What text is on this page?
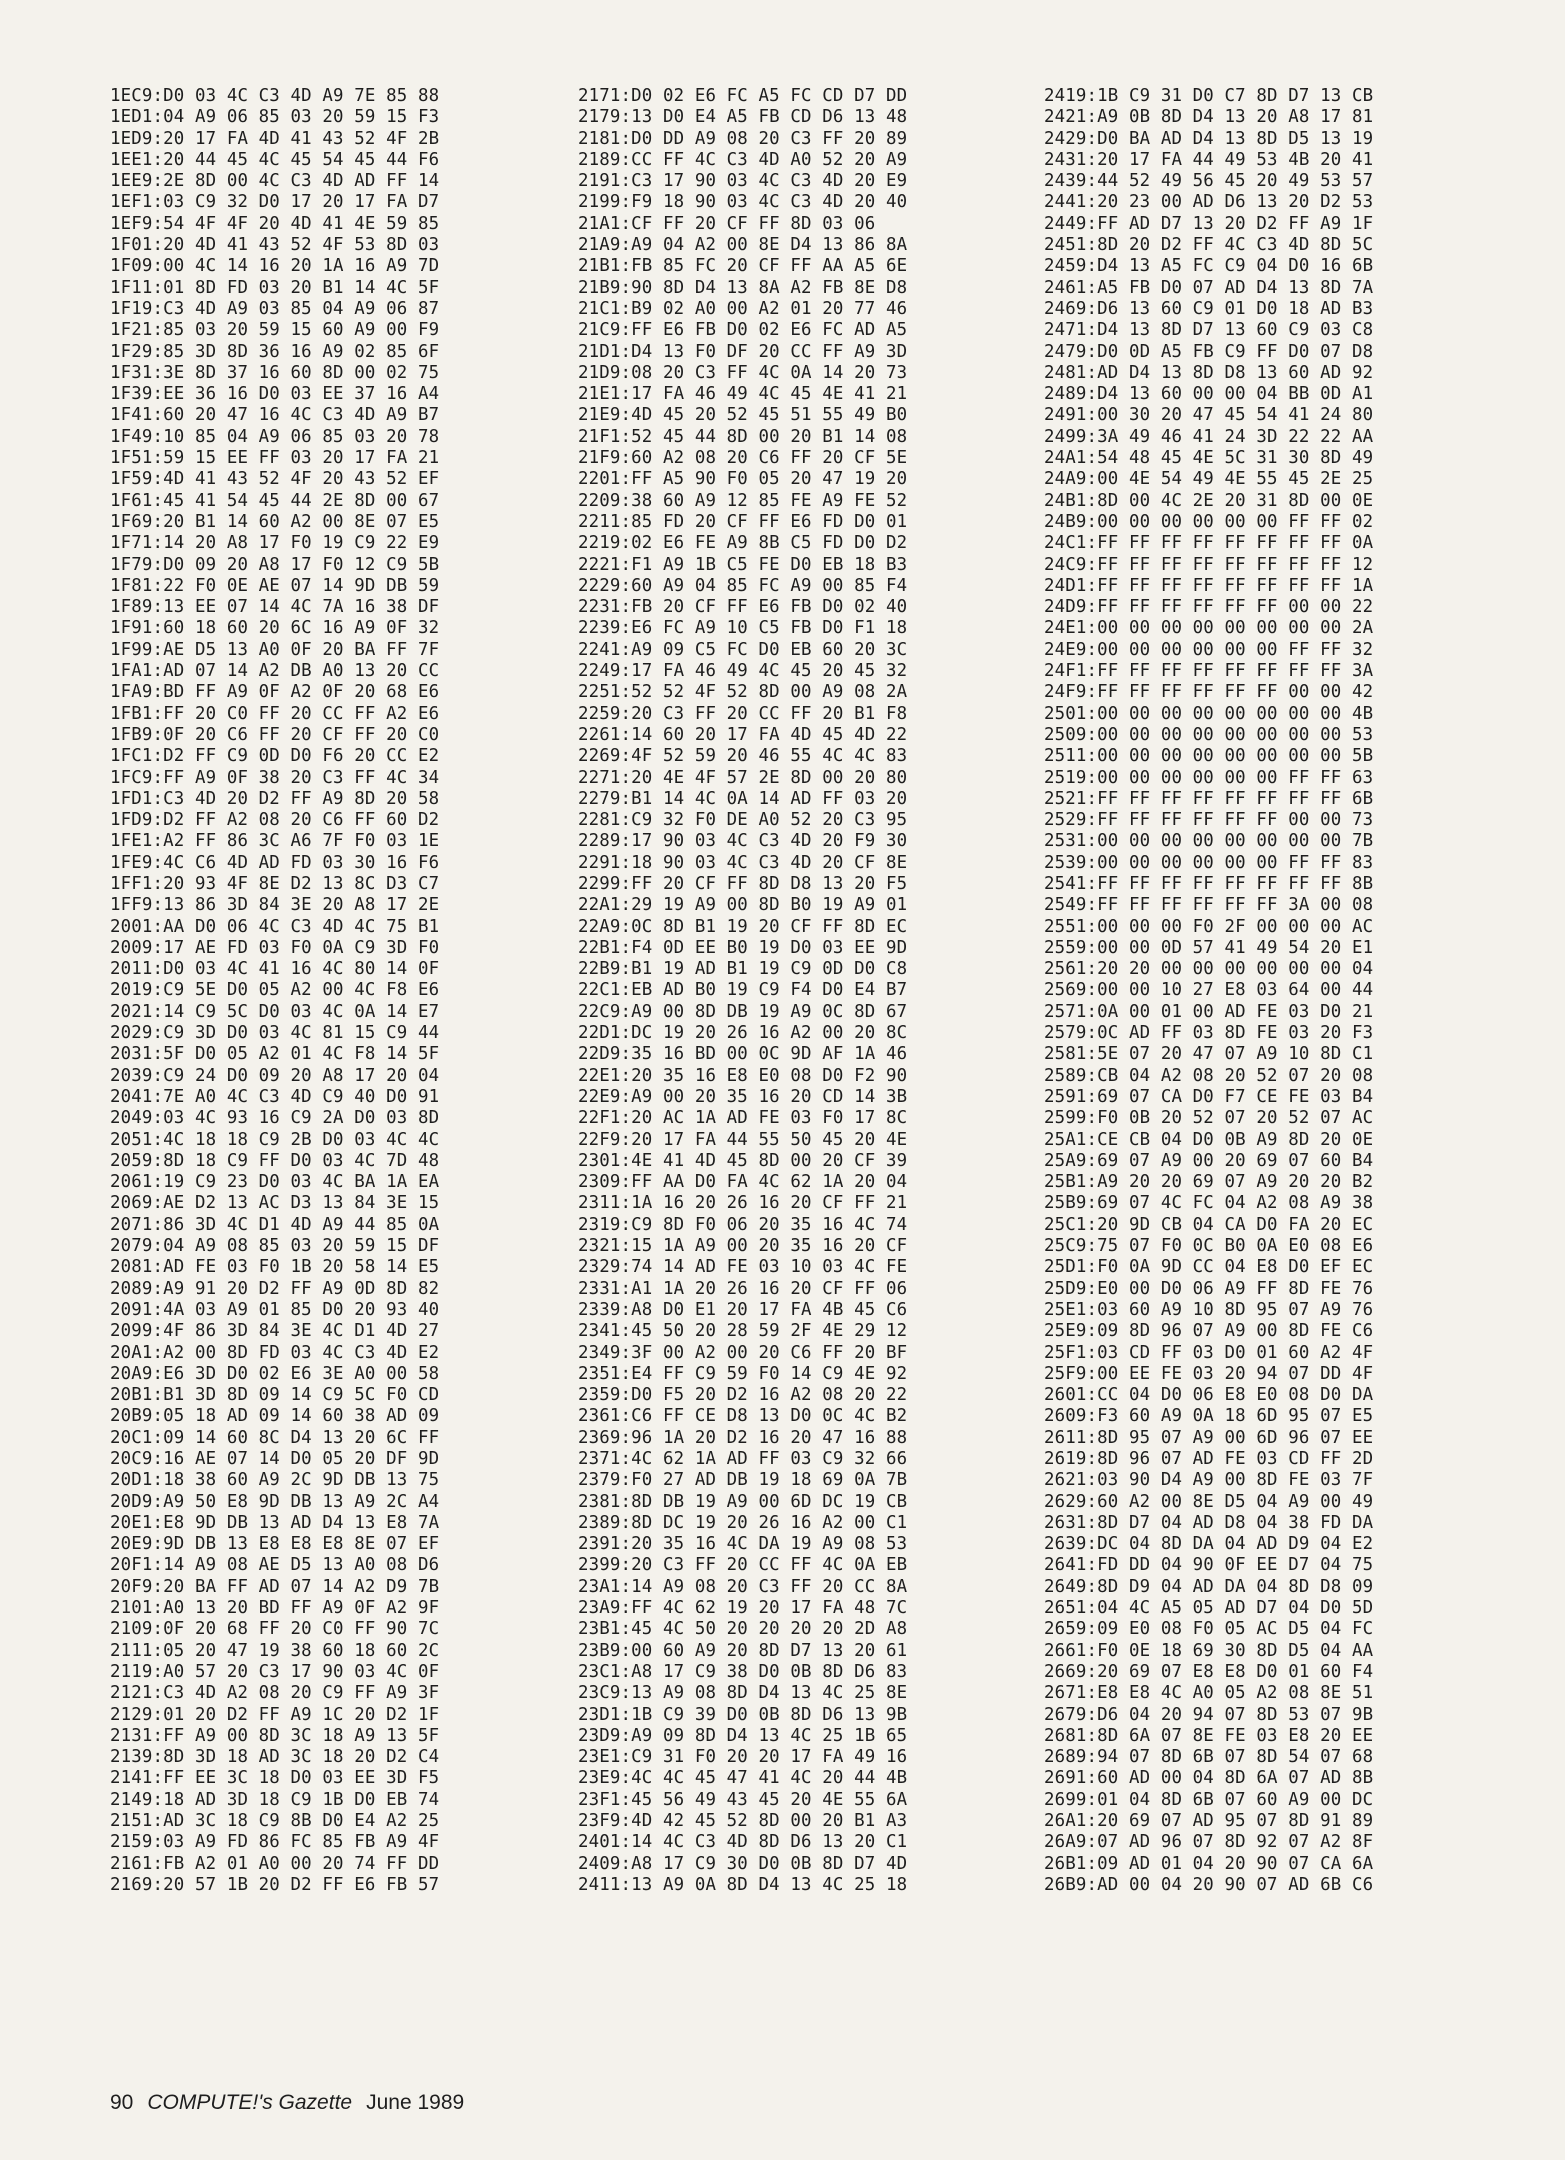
1EC9:D0 03 4C C3 4D A9 7E 85 88
1ED1:04 A9 06 85 03 20 59 15 F3
1ED9:20 17 FA 4D 41 43 52 4F 2B
1EE1:20 44 45 4C 45 54 45 44 F6
1EE9:2E 8D 00 4C C3 4D AD FF 14
1EF1:03 C9 32 D0 17 20 17 FA D7
1EF9:54 4F 4F 20 4D 41 4E 59 85
1F01:20 4D 41 43 52 4F 53 8D 03
1F09:00 4C 14 16 20 1A 16 A9 7D
1F11:01 8D FD 03 20 B1 14 4C 5F
1F19:C3 4D A9 03 85 04 A9 06 87
1F21:85 03 20 59 15 60 A9 00 F9
1F29:85 3D 8D 36 16 A9 02 85 6F
1F31:3E 8D 37 16 60 8D 00 02 75
1F39:EE 36 16 D0 03 EE 37 16 A4
1F41:60 20 47 16 4C C3 4D A9 B7
1F49:10 85 04 A9 06 85 03 20 78
1F51:59 15 EE FF 03 20 17 FA 21
1F59:4D 41 43 52 4F 20 43 52 EF
1F61:45 41 54 45 44 2E 8D 00 67
1F69:20 B1 14 60 A2 00 8E 07 E5
1F71:14 20 A8 17 F0 19 C9 22 E9
1F79:D0 09 20 A8 17 F0 12 C9 5B
1F81:22 F0 0E AE 07 14 9D DB 59
1F89:13 EE 07 14 4C 7A 16 38 DF
1F91:60 18 60 20 6C 16 A9 0F 32
1F99:AE D5 13 A0 0F 20 BA FF 7F
1FA1:AD 07 14 A2 DB A0 13 20 CC
1FA9:BD FF A9 0F A2 0F 20 68 E6
1FB1:FF 20 C0 FF 20 CC FF A2 E6
1FB9:0F 20 C6 FF 20 CF FF 20 C0
1FC1:D2 FF C9 0D D0 F6 20 CC E2
1FC9:FF A9 0F 38 20 C3 FF 4C 34
1FD1:C3 4D 20 D2 FF A9 8D 20 58
1FD9:D2 FF A2 08 20 C6 FF 60 D2
1FE1:A2 FF 86 3C A6 7F F0 03 1E
1FE9:4C C6 4D AD FD 03 30 16 F6
1FF1:20 93 4F 8E D2 13 8C D3 C7
1FF9:13 86 3D 84 3E 20 A8 17 2E
2001:AA D0 06 4C C3 4D 4C 75 B1
2009:17 AE FD 03 F0 0A C9 3D F0
2011:D0 03 4C 41 16 4C 80 14 0F
2019:C9 5E D0 05 A2 00 4C F8 E6
2021:14 C9 5C D0 03 4C 0A 14 E7
2029:C9 3D D0 03 4C 81 15 C9 44
2031:5F D0 05 A2 01 4C F8 14 5F
2039:C9 24 D0 09 20 A8 17 20 04
2041:7E A0 4C C3 4D C9 40 D0 91
2049:03 4C 93 16 C9 2A D0 03 8D
2051:4C 18 18 C9 2B D0 03 4C 4C
2059:8D 18 C9 FF D0 03 4C 7D 48
2061:19 C9 23 D0 03 4C BA 1A EA
2069:AE D2 13 AC D3 13 84 3E 15
2071:86 3D 4C D1 4D A9 44 85 0A
2079:04 A9 08 85 03 20 59 15 DF
2081:AD FE 03 F0 1B 20 58 14 E5
2089:A9 91 20 D2 FF A9 0D 8D 82
2091:4A 03 A9 01 85 D0 20 93 40
2099:4F 86 3D 84 3E 4C D1 4D 27
20A1:A2 00 8D FD 03 4C C3 4D E2
20A9:E6 3D D0 02 E6 3E A0 00 58
20B1:B1 3D 8D 09 14 C9 5C F0 CD
20B9:05 18 AD 09 14 60 38 AD 09
20C1:09 14 60 8C D4 13 20 6C FF
20C9:16 AE 07 14 D0 05 20 DF 9D
20D1:18 38 60 A9 2C 9D DB 13 75
20D9:A9 50 E8 9D DB 13 A9 2C A4
20E1:E8 9D DB 13 AD D4 13 E8 7A
20E9:9D DB 13 E8 E8 E8 8E 07 EF
20F1:14 A9 08 AE D5 13 A0 08 D6
20F9:20 BA FF AD 07 14 A2 D9 7B
2101:A0 13 20 BD FF A9 0F A2 9F
2109:0F 20 68 FF 20 C0 FF 90 7C
2111:05 20 47 19 38 60 18 60 2C
2119:A0 57 20 C3 17 90 03 4C 0F
2121:C3 4D A2 08 20 C9 FF A9 3F
2129:01 20 D2 FF A9 1C 20 D2 1F
2131:FF A9 00 8D 3C 18 A9 13 5F
2139:8D 3D 18 AD 3C 18 20 D2 C4
2141:FF EE 3C 18 D0 03 EE 3D F5
2149:18 AD 3D 18 C9 1B D0 EB 74
2151:AD 3C 18 C9 8B D0 E4 A2 25
2159:03 A9 FD 86 FC 85 FB A9 4F
2161:FB A2 01 A0 00 20 74 FF DD
2169:20 57 1B 20 D2 FF E6 FB 57
2171:D0 02 E6 FC A5 FC CD D7 DD
2179:13 D0 E4 A5 FB CD D6 13 48
2181:D0 DD A9 08 20 C3 FF 20 89
2189:CC FF 4C C3 4D A0 52 20 A9
2191:C3 17 90 03 4C C3 4D 20 E9
2199:F9 18 90 03 4C C3 4D 20 40
21A1:CF FF 20 CF FF 8D 03 06
21A9:A9 04 A2 00 8E D4 13 86 8A
21B1:FB 85 FC 20 CF FF AA A5 6E
21B9:90 8D D4 13 8A A2 FB 8E D8
21C1:B9 02 A0 00 A2 01 20 77 46
21C9:FF E6 FB D0 02 E6 FC AD A5
21D1:D4 13 F0 DF 20 CC FF A9 3D
21D9:08 20 C3 FF 4C 0A 14 20 73
21E1:17 FA 46 49 4C 45 4E 41 21
21E9:4D 45 20 52 45 51 55 49 B0
21F1:52 45 44 8D 00 20 B1 14 08
21F9:60 A2 08 20 C6 FF 20 CF 5E
2201:FF A5 90 F0 05 20 47 19 20
2209:38 60 A9 12 85 FE A9 FE 52
2211:85 FD 20 CF FF E6 FD D0 01
2219:02 E6 FE A9 8B C5 FD D0 D2
2221:F1 A9 1B C5 FE D0 EB 18 B3
2229:60 A9 04 85 FC A9 00 85 F4
2231:FB 20 CF FF E6 FB D0 02 40
2239:E6 FC A9 10 C5 FB D0 F1 18
2241:A9 09 C5 FC D0 EB 60 20 3C
2249:17 FA 46 49 4C 45 20 45 32
2251:52 52 4F 52 8D 00 A9 08 2A
2259:20 C3 FF 20 CC FF 20 B1 F8
2261:14 60 20 17 FA 4D 45 4D 22
2269:4F 52 59 20 46 55 4C 4C 83
2271:20 4E 4F 57 2E 8D 00 20 80
2279:B1 14 4C 0A 14 AD FF 03 20
2281:C9 32 F0 DE A0 52 20 C3 95
2289:17 90 03 4C C3 4D 20 F9 30
2291:18 90 03 4C C3 4D 20 CF 8E
2299:FF 20 CF FF 8D D8 13 20 F5
22A1:29 19 A9 00 8D B0 19 A9 01
22A9:0C 8D B1 19 20 CF FF 8D EC
22B1:F4 0D EE B0 19 D0 03 EE 9D
22B9:B1 19 AD B1 19 C9 0D D0 C8
22C1:EB AD B0 19 C9 F4 D0 E4 B7
22C9:A9 00 8D DB 19 A9 0C 8D 67
22D1:DC 19 20 26 16 A2 00 20 8C
22D9:35 16 BD 00 0C 9D AF 1A 46
22E1:20 35 16 E8 E0 08 D0 F2 90
22E9:A9 00 20 35 16 20 CD 14 3B
22F1:20 AC 1A AD FE 03 F0 17 8C
22F9:20 17 FA 44 55 50 45 20 4E
2301:4E 41 4D 45 8D 00 20 CF 39
2309:FF AA D0 FA 4C 62 1A 20 04
2311:1A 16 20 26 16 20 CF FF 21
2319:C9 8D F0 06 20 35 16 4C 74
2321:15 1A A9 00 20 35 16 20 CF
2329:74 14 AD FE 03 10 03 4C FE
2331:A1 1A 20 26 16 20 CF FF 06
2339:A8 D0 E1 20 17 FA 4B 45 C6
2341:45 50 20 28 59 2F 4E 29 12
2349:3F 00 A2 00 20 C6 FF 20 BF
2351:E4 FF C9 59 F0 14 C9 4E 92
2359:D0 F5 20 D2 16 A2 08 20 22
2361:C6 FF CE D8 13 D0 0C 4C B2
2369:96 1A 20 D2 16 20 47 16 88
2371:4C 62 1A AD FF 03 C9 32 66
2379:F0 27 AD DB 19 18 69 0A 7B
2381:8D DB 19 A9 00 6D DC 19 CB
2389:8D DC 19 20 26 16 A2 00 C1
2391:20 35 16 4C DA 19 A9 08 53
2399:20 C3 FF 20 CC FF 4C 0A EB
23A1:14 A9 08 20 C3 FF 20 CC 8A
23A9:FF 4C 62 19 20 17 FA 48 7C
23B1:45 4C 50 20 20 20 20 2D A8
23B9:00 60 A9 20 8D D7 13 20 61
23C1:A8 17 C9 38 D0 0B 8D D6 83
23C9:13 A9 08 8D D4 13 4C 25 8E
23D1:1B C9 39 D0 0B 8D D6 13 9B
23D9:A9 09 8D D4 13 4C 25 1B 65
23E1:C9 31 F0 20 20 17 FA 49 16
23E9:4C 4C 45 47 41 4C 20 44 4B
23F1:45 56 49 43 45 20 4E 55 6A
23F9:4D 42 45 52 8D 00 20 B1 A3
2401:14 4C C3 4D 8D D6 13 20 C1
2409:A8 17 C9 30 D0 0B 8D D7 4D
2411:13 A9 0A 8D D4 13 4C 25 18
2419:1B C9 31 D0 C7 8D D7 13 CB
2421:A9 0B 8D D4 13 20 A8 17 81
2429:D0 BA AD D4 13 8D D5 13 19
2431:20 17 FA 44 49 53 4B 20 41
2439:44 52 49 56 45 20 49 53 57
2441:20 23 00 AD D6 13 20 D2 53
2449:FF AD D7 13 20 D2 FF A9 1F
2451:8D 20 D2 FF 4C C3 4D 8D 5C
2459:D4 13 A5 FC C9 04 D0 16 6B
2461:A5 FB D0 07 AD D4 13 8D 7A
2469:D6 13 60 C9 01 D0 18 AD B3
2471:D4 13 8D D7 13 60 C9 03 C8
2479:D0 0D A5 FB C9 FF D0 07 D8
2481:AD D4 13 8D D8 13 60 AD 92
2489:D4 13 60 00 00 04 BB 0D A1
2491:00 30 20 47 45 54 41 24 80
2499:3A 49 46 41 24 3D 22 22 AA
24A1:54 48 45 4E 5C 31 30 8D 49
24A9:00 4E 54 49 4E 55 45 2E 25
24B1:8D 00 4C 2E 20 31 8D 00 0E
24B9:00 00 00 00 00 00 FF FF 02
24C1:FF FF FF FF FF FF FF FF 0A
24C9:FF FF FF FF FF FF FF FF 12
24D1:FF FF FF FF FF FF FF FF 1A
24D9:FF FF FF FF FF FF 00 00 22
24E1:00 00 00 00 00 00 00 00 2A
24E9:00 00 00 00 00 00 FF FF 32
24F1:FF FF FF FF FF FF FF FF 3A
24F9:FF FF FF FF FF FF 00 00 42
2501:00 00 00 00 00 00 00 00 4B
2509:00 00 00 00 00 00 00 00 53
2511:00 00 00 00 00 00 00 00 5B
2519:00 00 00 00 00 00 FF FF 63
2521:FF FF FF FF FF FF FF FF 6B
2529:FF FF FF FF FF FF 00 00 73
2531:00 00 00 00 00 00 00 00 7B
2539:00 00 00 00 00 00 FF FF 83
2541:FF FF FF FF FF FF FF FF 8B
2549:FF FF FF FF FF FF 3A 00 08
2551:00 00 00 F0 2F 00 00 00 AC
2559:00 00 0D 57 41 49 54 20 E1
2561:20 20 00 00 00 00 00 00 04
2569:00 00 10 27 E8 03 64 00 44
2571:0A 00 01 00 AD FE 03 D0 21
2579:0C AD FF 03 8D FE 03 20 F3
2581:5E 07 20 47 07 A9 10 8D C1
2589:CB 04 A2 08 20 52 07 20 08
2591:69 07 CA D0 F7 CE FE 03 B4
2599:F0 0B 20 52 07 20 52 07 AC
25A1:CE CB 04 D0 0B A9 8D 20 0E
25A9:69 07 A9 00 20 69 07 60 B4
25B1:A9 20 20 69 07 A9 20 20 B2
25B9:69 07 4C FC 04 A2 08 A9 38
25C1:20 9D CB 04 CA D0 FA 20 EC
25C9:75 07 F0 0C B0 0A E0 08 E6
25D1:F0 0A 9D CC 04 E8 D0 EF EC
25D9:E0 00 D0 06 A9 FF 8D FE 76
25E1:03 60 A9 10 8D 95 07 A9 76
25E9:09 8D 96 07 A9 00 8D FE C6
25F1:03 CD FF 03 D0 01 60 A2 4F
25F9:00 EE FE 03 20 94 07 DD 4F
2601:CC 04 D0 06 E8 E0 08 D0 DA
2609:F3 60 A9 0A 18 6D 95 07 E5
2611:8D 95 07 A9 00 6D 96 07 EE
2619:8D 96 07 AD FE 03 CD FF 2D
2621:03 90 D4 A9 00 8D FE 03 7F
2629:60 A2 00 8E D5 04 A9 00 49
2631:8D D7 04 AD D8 04 38 FD DA
2639:DC 04 8D DA 04 AD D9 04 E2
2641:FD DD 04 90 0F EE D7 04 75
2649:8D D9 04 AD DA 04 8D D8 09
2651:04 4C A5 05 AD D7 04 D0 5D
2659:09 E0 08 F0 05 AC D5 04 FC
2661:F0 0E 18 69 30 8D D5 04 AA
2669:20 69 07 E8 E8 D0 01 60 F4
2671:E8 E8 4C A0 05 A2 08 8E 51
2679:D6 04 20 94 07 8D 53 07 9B
2681:8D 6A 07 8E FE 03 E8 20 EE
2689:94 07 8D 6B 07 8D 54 07 68
2691:60 AD 00 04 8D 6A 07 AD 8B
2699:01 04 8D 6B 07 60 A9 00 DC
26A1:20 69 07 AD 95 07 8D 91 89
26A9:07 AD 96 07 8D 92 07 A2 8F
26B1:09 AD 01 04 20 90 07 CA 6A
26B9:AD 00 04 20 90 07 AD 6B C6
90 COMPUTE!'s Gazette June 1989
